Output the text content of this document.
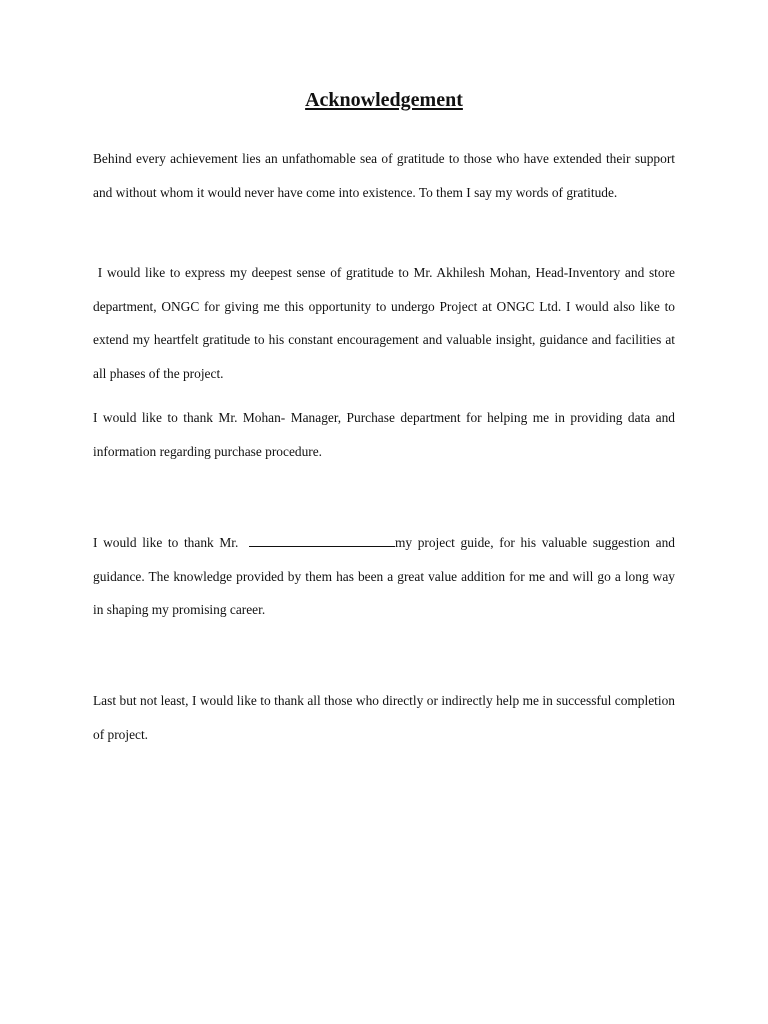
Acknowledgement

Behind every achievement lies an unfathomable sea of gratitude to those who have extended their support and without whom it would never have come into existence. To them I say my words of gratitude.

I would like to express my deepest sense of gratitude to Mr. Akhilesh Mohan, Head-Inventory and store department, ONGC for giving me this opportunity to undergo Project at ONGC Ltd. I would also like to extend my heartfelt gratitude to his constant encouragement and valuable insight, guidance and facilities at all phases of the project.

I would like to thank Mr. Mohan- Manager, Purchase department for helping me in providing data and information regarding purchase procedure.

I would like to thank Mr.	my project guide, for his valuable suggestion and guidance. The knowledge provided by them has been a great value addition for me and will go a long way in shaping my promising career.

Last but not least, I would like to thank all those who directly or indirectly help me in successful completion of project.
